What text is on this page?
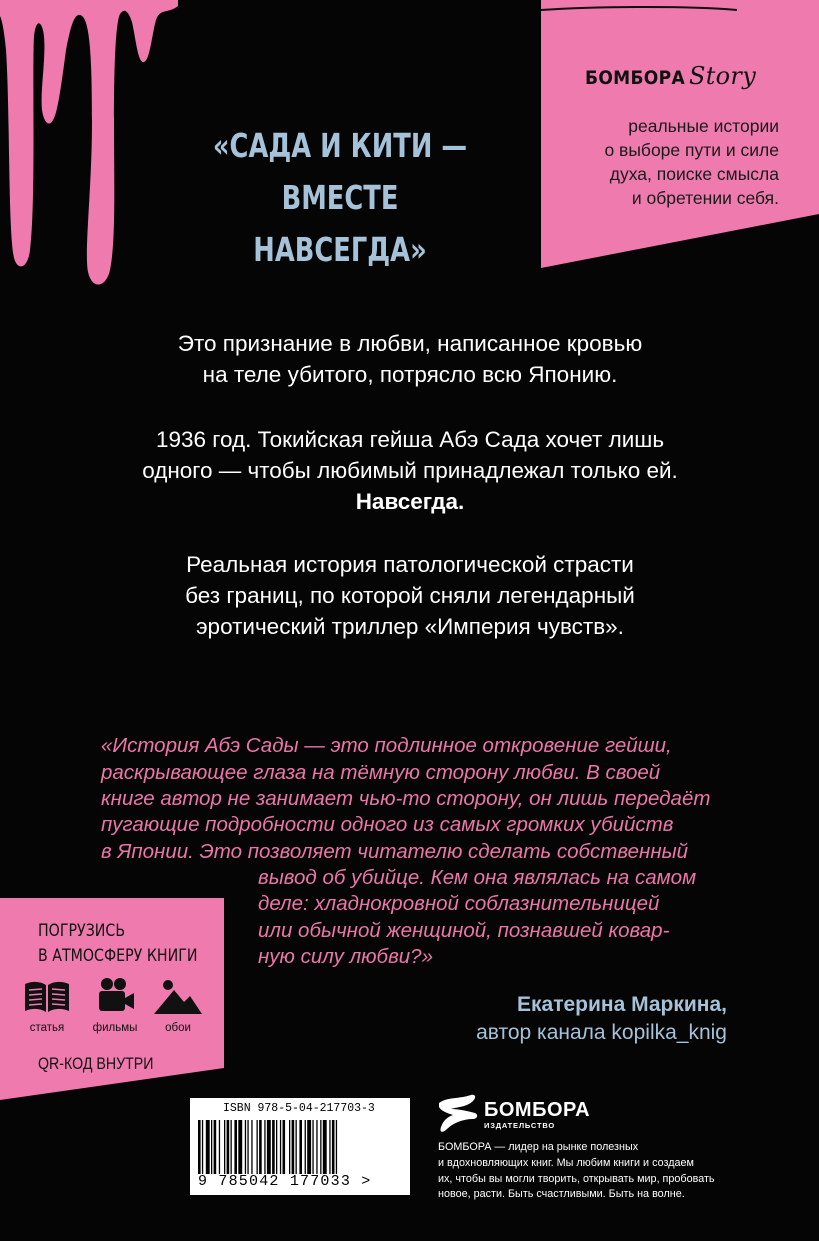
БОМБОРА Story
реальные истории
о выборе пути и силе
духа, поиске смысла
и обретении себя.
«САДА И КИТИ —
ВМЕСТЕ НАВСЕГДА»
Это признание в любви, написанное кровью
на теле убитого, потрясло всю Японию.
1936 год. Токийская гейша Абэ Сада хочет лишь
одного — чтобы любимый принадлежал только ей.
Навсегда.
Реальная история патологической страсти
без границ, по которой сняли легендарный
эротический триллер «Империя чувств».
«История Абэ Сады — это подлинное откровение гейши,
раскрывающее глаза на тёмную сторону любви. В своей
книге автор не занимает чью-то сторону, он лишь передаёт
пугающие подробности одного из самых громких убийств
в Японии. Это позволяет читателю сделать собственный
вывод об убийце. Кем она являлась на самом
деле: хладнокровной соблазнительницей
или обычной женщиной, познавшей ковар-
ную силу любви?»
Екатерина Маркина,
автор канала kopilka_knig
ПОГРУЗИСЬ
В АТМОСФЕРУ КНИГИ
статья	фильмы	обои
QR-КОД ВНУТРИ
ISBN 978-5-04-217703-3
9 785042 177033 >
БОМБОРА
ИЗДАТЕЛЬСТВО
БОМБОРА — лидер на рынке полезных
и вдохновляющих книг. Мы любим книги и создаем
их, чтобы вы могли творить, открывать мир, пробовать
новое, расти. Быть счастливыми. Быть на волне.
